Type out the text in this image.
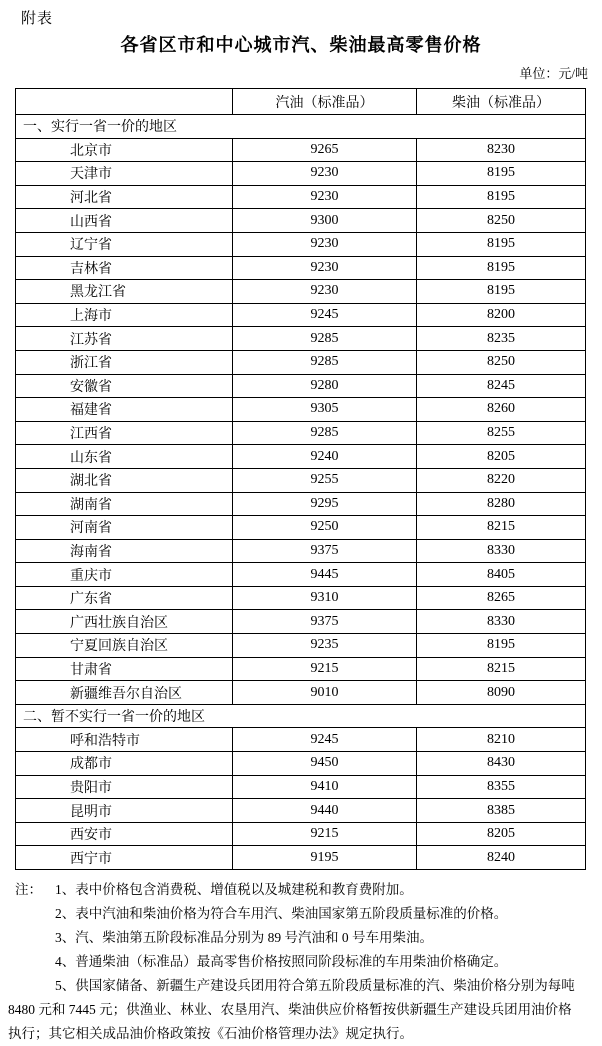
附表
各省区市和中心城市汽、柴油最高零售价格
单位：元/吨
	汽油（标准品）	柴油（标准品）
一、实行一省一价的地区		
北京市	9265	8230
天津市	9230	8195
河北省	9230	8195
山西省	9300	8250
辽宁省	9230	8195
吉林省	9230	8195
黑龙江省	9230	8195
上海市	9245	8200
江苏省	9285	8235
浙江省	9285	8250
安徽省	9280	8245
福建省	9305	8260
江西省	9285	8255
山东省	9240	8205
湖北省	9255	8220
湖南省	9295	8280
河南省	9250	8215
海南省	9375	8330
重庆市	9445	8405
广东省	9310	8265
广西壮族自治区	9375	8330
宁夏回族自治区	9235	8195
甘肃省	9215	8215
新疆维吾尔自治区	9010	8090
二、暂不实行一省一价的地区		
呼和浩特市	9245	8210
成都市	9450	8430
贵阳市	9410	8355
昆明市	9440	8385
西安市	9215	8205
西宁市	9195	8240
注： 1、表中价格包含消费税、增值税以及城建税和教育费附加。
2、表中汽油和柴油价格为符合车用汽、柴油国家第五阶段质量标准的价格。
3、汽、柴油第五阶段标准品分别为 89 号汽油和 0 号车用柴油。
4、普通柴油（标准品）最高零售价格按照同阶段标准的车用柴油价格确定。
5、供国家储备、新疆生产建设兵团用符合第五阶段质量标准的汽、柴油价格分别为每吨
8480 元和 7445 元；供渔业、林业、农垦用汽、柴油供应价格暂按供新疆生产建设兵团用油价格
执行；其它相关成品油价格政策按《石油价格管理办法》规定执行。
